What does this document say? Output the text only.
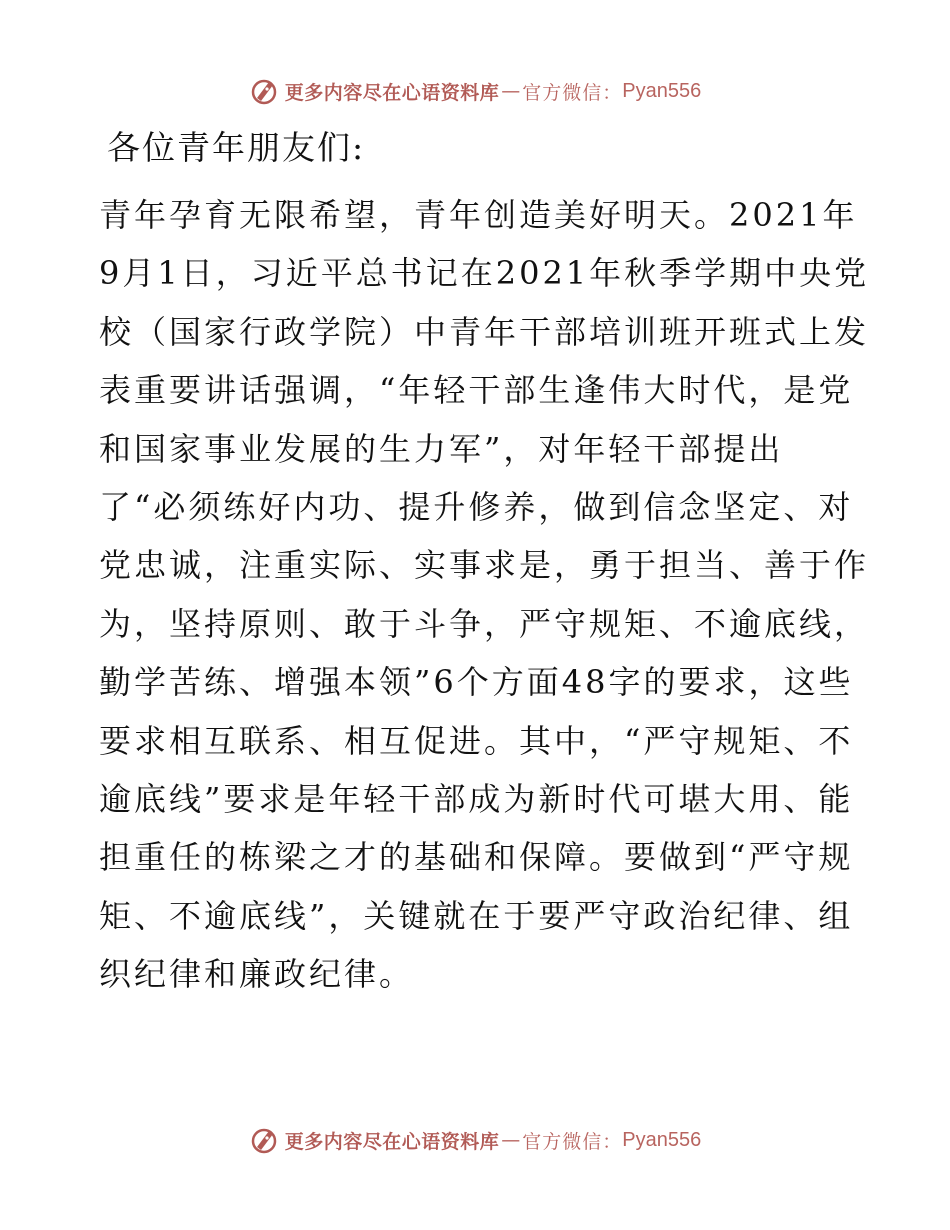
更多内容尽在心语资料库 — 官方微信： Pyan556
各位青年朋友们:
青年孕育无限希望，青年创造美好明天。2021年
9月1日，习近平总书记在2021年秋季学期中央党
校（国家行政学院）中青年干部培训班开班式上发
表重要讲话强调，“年轻干部生逢伟大时代，是党
和国家事业发展的生力军”，对年轻干部提出
了“必须练好内功、提升修养，做到信念坚定、对
党忠诚，注重实际、实事求是，勇于担当、善于作
为，坚持原则、敢于斗争，严守规矩、不逾底线，
勤学苦练、增强本领”6个方面48字的要求，这些
要求相互联系、相互促进。其中，“严守规矩、不
逾底线”要求是年轻干部成为新时代可堪大用、能
担重任的栋梁之才的基础和保障。要做到“严守规
矩、不逾底线”，关键就在于要严守政治纪律、组
织纪律和廉政纪律。
更多内容尽在心语资料库 — 官方微信： Pyan556
